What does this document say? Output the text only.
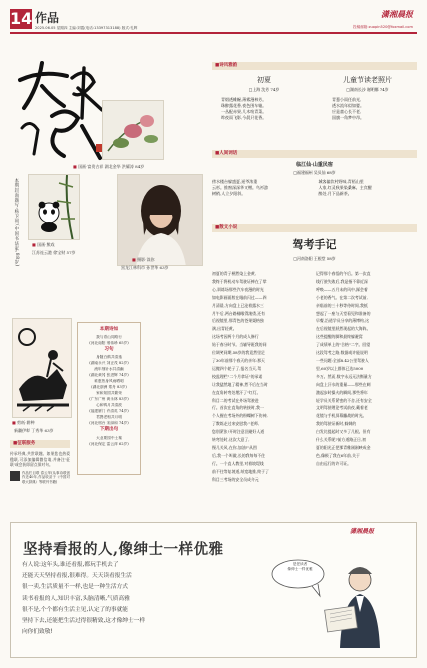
14 作品
2025.06.05 星期四 主编:刘霞(电话:13397313188) 版式:孔辉
潇湘晨报
投稿邮箱:zuopin520@foxmail.com
■ 国画·富贵吉祥 湖北金华 洪耀涛 84岁
本期封面题写:杨卫列(中国书法家,88岁)	■ 国画·熊戏
江苏连云港 徐宝财 57岁
■ 摄影·读你
黑龙江林科市 孙世华 63岁
■ 剪纸·耕种
新疆伊犁 丁秀华 63岁
本期诗如
我与青山同路行
(河北南阳 邢伟珍 65岁)
习句
身随白鹤共清逸
(湖南永兴 刘正茂 82岁)
流年细针水共清幽
(湖北黄冈 张进辉 74岁)
谁惠热身风雨晒明
(湖北浙洲 郑舟 83岁)
家和知国共繁荣
(广东广州 黄永林 83岁)
心和鸭月共清波
(福建厦门 许清英 74岁)
君携老相共月明
(河北邢台 宋绿和 74岁)
下期出句
大业要园中土秦
(河北保定 雷云萍 62岁)
■征联服务
传承经典,共赏联趣。如果您也热爱楹联,可添加编辑微信请,并备注'征联'或会获即留点保对句。
作品栏目联 春云苹(从事诗联创作近40年,作品收录于《中国对联大辞典》等联刊书籍)
■诗风雅韵
初夏
□上海 沈芳 74岁
青烟透帷幄,薄雾漫林芳。
珠醉露花香,夜色围车辕。
一丛配赤果,几木喧青菜。
昨夜雨飞影,今晨只花香。
儿童节读老照片
□湖南长沙 谢明娜 74岁
青葱小雨任前光,
透水流年似如婴。
应是童心长不老,
国旗一角梦中昂。
■人间词话
临江仙·山重民宿
□福建福州 吴贝仙 68岁
傍水楼台躲盛夏,遥爷浓重
云杉。推窗深深华又赠。鸟衫游
树梢,人立夕阳斜。
城客偏饮村野味,青梧山里
人家,红灵秋果染桑麻。主宾醒
醉处,月下品新茶。
■散文小说
驾考手记
□河南洛阳 王根堂 58岁
初夏的青子柄然染上金黄,
我终于将机动车驾驶证捧在了掌
心,训练场那些汽车夜漫的时光
如电影画面般在眼前闪过——四
月清晨,方向盘上已泌着露水三
月午后,两台路桶喉得滚烫,还有
后视镜里,那青色的苍果栗格独
满,出青轻黄。
这场考因两个月的成人修行
始于春分时节。当辅导班我的同
位调笑同期,58岁的我竟然里足
了30年前那个春天的亲年:那天
运搬四个轮子了,报名当天,驾
校监理栏"二个月拿证"的承诺
让我猛然地了精神,然不后在当时
在直角转弯处埋汗了"红灯。
科目二的考试在外场驾驶进
行。首次在直角的转接时,我一
个人握在考场外的粉蝶树下伤神,
了教练走过来安慰我:"老师,
您别紧张!开时注意回避好人道
转弯处时,这次大意了,
慢儿关风,在你,加油!"从图
后,我一个叫做,长的我每每不住
行。一个直人教里,对着坡堤线
前不往等复坡道,纸宽地推,终于了
科目三考场的安全员成介元
记得那个春悟的午后。第一次直
线行驶失败后,我是指不靠近深
呼唤——五月末的风中,踩会着
小老的香气。在第二次考试前,
亲临前的三十秒等待时间,我抵
想起了一座与天堂看见和准备的
早餐,沿道学员分享的薄博构,这
在后视镜里跃然现起的大海阵。
这些提醒的脚和最终躲避窝
了成绩单上的"合格"二字。回望
这段驾考之路,数据或许能说明
一些问题:全部8.42公里驾驶人
里,60岁以上群体已达5000
多万。然而,数字永远无法衡量方
向盘上汗水的重量——那些在刺
激起步时操火的瞬间,那些将年
轻学员关系紧密的不舍,还有安全
文明驾驶理论考试前夜,戴着老
花镜与手机屏幕鏖战的时光。
我的驾驶证新时,躲刺的
白发比提起时又多了几根。但有
什么关系呢?前方道路正日,初
夏的阳光正把那青稚刚刚映成金
色,像极了我在6年前,关于
自由远行的许可证。
坚持看报的人,像绅士一样优雅
潇湘晨报
有人说:这年头,谁还看报,都玩手机去了
还能天天坚持看报,很难得。天天读看报生活
很一卖,生活质量不一样,也是一种生活方式
读书看报的人,知识丰富,头脑清晰,气质高雅
很不是,个个都有生活主见,认定了的事就能
坚持下去,还能把生活过得很精致,这才像绅士一样
向你们致敬!
是老读者
像绅士一样优雅
